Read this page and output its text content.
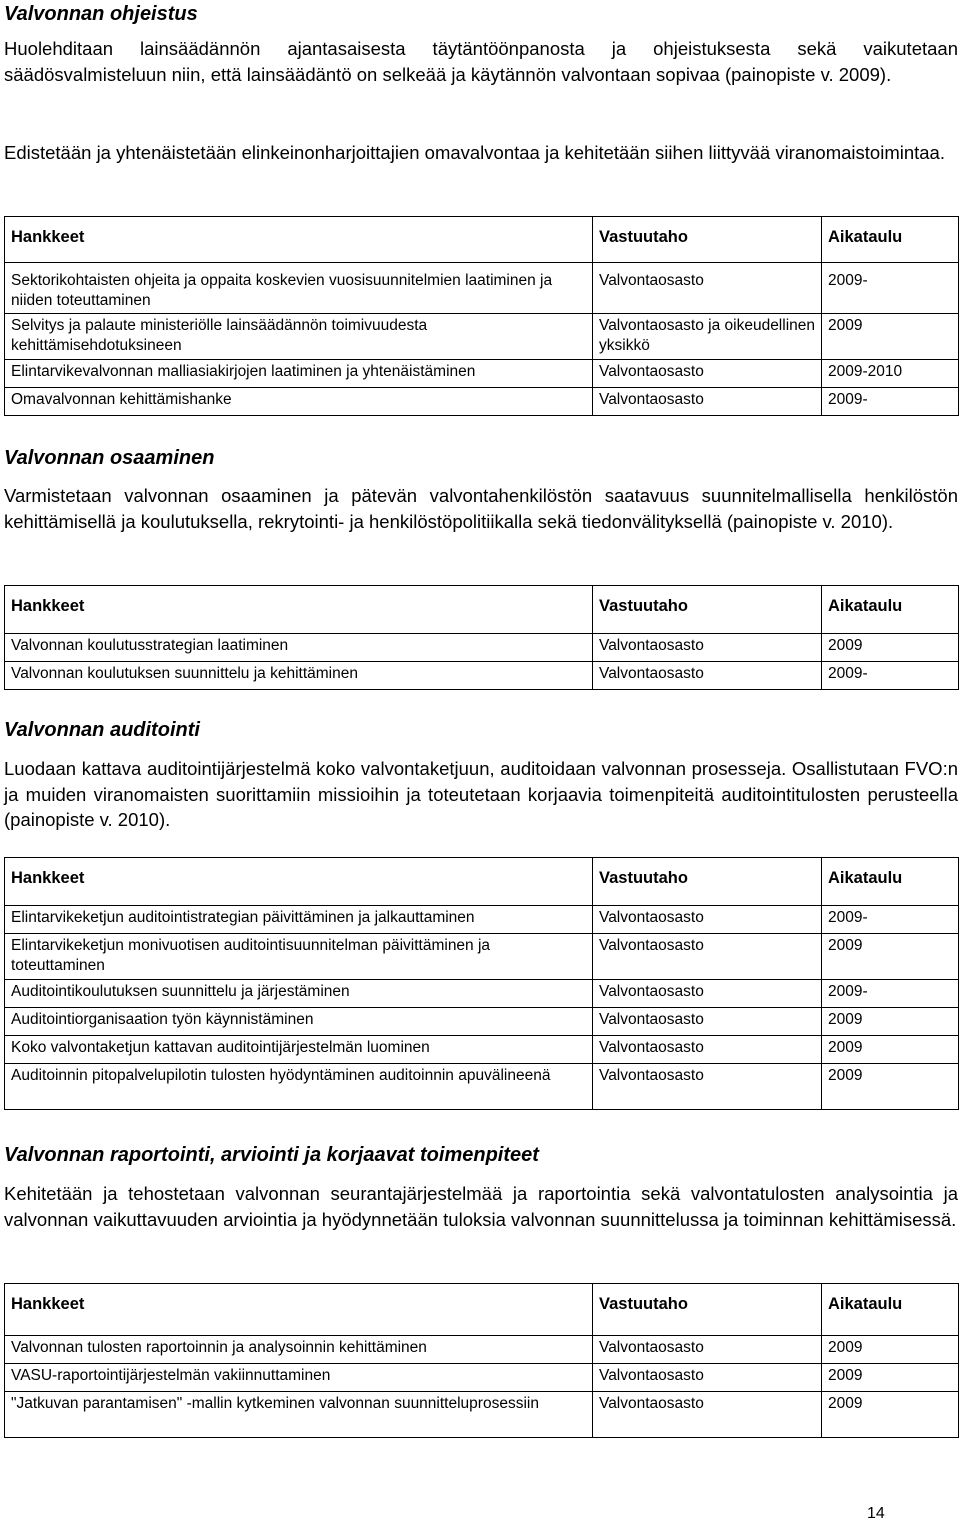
Valvonnan ohjeistus

Huolehditaan lainsäädännön ajantasaisesta täytäntöönpanosta ja ohjeistuksesta sekä vaikutetaan säädösvalmisteluun niin, että lainsäädäntö on selkeää ja käytännön valvontaan sopivaa (painopiste v. 2009).

Edistetään ja yhtenäistetään elinkeinonharjoittajien omavalvontaa ja kehitetään siihen liittyvää viranomaistoimintaa.

Hankkeet	Vastuutaho	Aikataulu
Sektorikohtaisten ohjeita ja oppaita koskevien vuosisuunnitelmien laatiminen ja niiden toteuttaminen	Valvontaosasto	2009-
Selvitys ja palaute ministeriölle lainsäädännön toimivuudesta kehittämisehdotuksineen	Valvontaosasto ja oikeudellinen yksikkö	2009
Elintarvikevalvonnan malliasiakirjojen laatiminen ja yhtenäistäminen	Valvontaosasto	2009-2010
Omavalvonnan kehittämishanke	Valvontaosasto	2009-
Valvonnan osaaminen

Varmistetaan valvonnan osaaminen ja pätevän valvontahenkilöstön saatavuus suunnitelmallisella henkilöstön kehittämisellä ja koulutuksella, rekrytointi- ja henkilöstöpolitiikalla sekä tiedonvälityksellä (painopiste v. 2010).

Hankkeet	Vastuutaho	Aikataulu
Valvonnan koulutusstrategian laatiminen	Valvontaosasto	2009
Valvonnan koulutuksen suunnittelu ja kehittäminen	Valvontaosasto	2009-
Valvonnan auditointi

Luodaan kattava auditointijärjestelmä koko valvontaketjuun, auditoidaan valvonnan prosesseja. Osallistutaan FVO:n ja muiden viranomaisten suorittamiin missioihin ja toteutetaan korjaavia toimenpiteitä auditointitulosten perusteella (painopiste v. 2010).

Hankkeet	Vastuutaho	Aikataulu
Elintarvikeketjun auditointistrategian päivittäminen ja jalkauttaminen	Valvontaosasto	2009-
Elintarvikeketjun monivuotisen auditointisuunnitelman päivittäminen ja toteuttaminen	Valvontaosasto	2009
Auditointikoulutuksen suunnittelu ja järjestäminen	Valvontaosasto	2009-
Auditointiorganisaation työn käynnistäminen	Valvontaosasto	2009
Koko valvontaketjun kattavan auditointijärjestelmän luominen	Valvontaosasto	2009
Auditoinnin pitopalvelupilotin tulosten hyödyntäminen auditoinnin apuvälineenä	Valvontaosasto	2009
Valvonnan raportointi, arviointi ja korjaavat toimenpiteet

Kehitetään ja tehostetaan valvonnan seurantajärjestelmää ja raportointia sekä valvontatulosten analysointia ja valvonnan vaikuttavuuden arviointia ja hyödynnetään tuloksia valvonnan suunnittelussa ja toiminnan kehittämisessä.

Hankkeet	Vastuutaho	Aikataulu
Valvonnan tulosten raportoinnin ja analysoinnin kehittäminen	Valvontaosasto	2009
VASU-raportointijärjestelmän vakiinnuttaminen	Valvontaosasto	2009
"Jatkuvan parantamisen" -mallin kytkeminen valvonnan suunnitteluprosessiin	Valvontaosasto	2009
14
